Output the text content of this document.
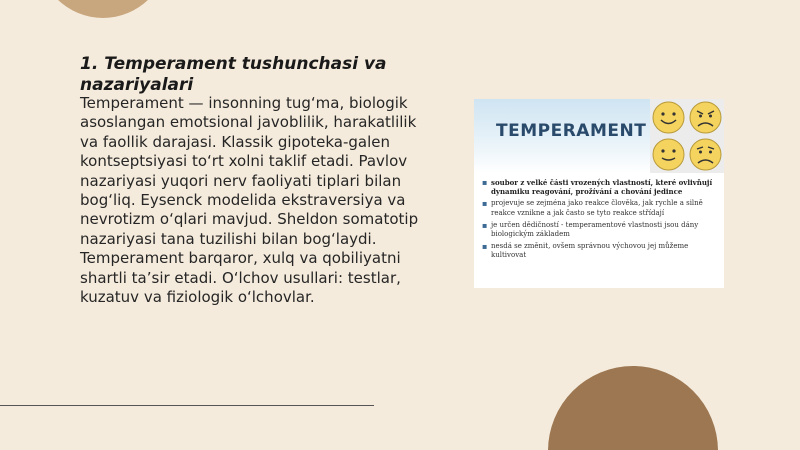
1. Temperament tushunchasi va nazariyalari

Temperament — insonning tug‘ma, biologik asoslangan emotsional javoblilik, harakatlilik va faollik darajasi. Klassik gipoteka-galen kontseptsiyasi to‘rt xolni taklif etadi. Pavlov nazariyasi yuqori nerv faoliyati tiplari bilan bog‘liq. Eysenck modelida ekstraversiya va nevrotizm o‘qlari mavjud. Sheldon somatotip nazariyasi tana tuzilishi bilan bog‘laydi. Temperament barqaror, xulq va qobiliyatni shartli ta’sir etadi. O‘lchov usullari: testlar, kuzatuv va fiziologik o‘lchovlar.

TEMPERAMENT
▪ soubor z velké části vrozených vlastností, které ovlivňují dynamiku reagování, prožívání a chování jedince
▪ projevuje se zejména jako reakce člověka, jak rychle a silně reakce vznikne a jak často se tyto reakce střídají
▪ je určen dědičností - temperamentové vlastnosti jsou dány biologickým základem
▪ nesdá se změnit, ovšem správnou výchovou jej můžeme kultivovat
